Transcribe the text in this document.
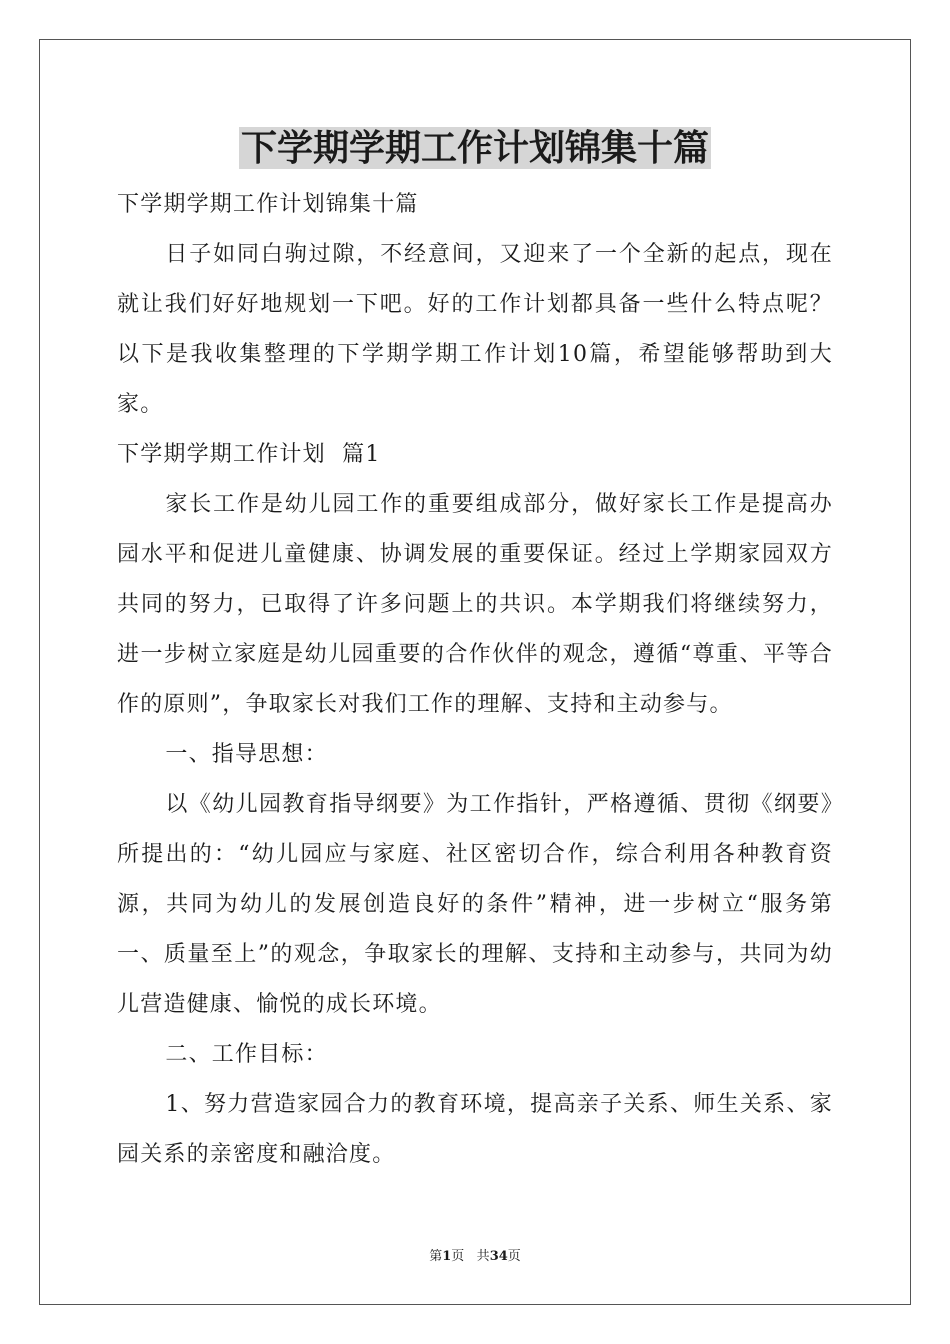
下学期学期工作计划锦集十篇

下学期学期工作计划锦集十篇

日子如同白驹过隙，不经意间，又迎来了一个全新的起点，现在就让我们好好地规划一下吧。好的工作计划都具备一些什么特点呢？以下是我收集整理的下学期学期工作计划10篇，希望能够帮助到大家。

下学期学期工作计划  篇1

家长工作是幼儿园工作的重要组成部分，做好家长工作是提高办园水平和促进儿童健康、协调发展的重要保证。经过上学期家园双方共同的努力，已取得了许多问题上的共识。本学期我们将继续努力，进一步树立家庭是幼儿园重要的合作伙伴的观念，遵循“尊重、平等合作的原则”，争取家长对我们工作的理解、支持和主动参与。

一、指导思想：

以《幼儿园教育指导纲要》为工作指针，严格遵循、贯彻《纲要》所提出的：“幼儿园应与家庭、社区密切合作，综合利用各种教育资源，共同为幼儿的发展创造良好的条件”精神，进一步树立“服务第一、质量至上”的观念，争取家长的理解、支持和主动参与，共同为幼儿营造健康、愉悦的成长环境。

二、工作目标：

1、努力营造家园合力的教育环境，提高亲子关系、师生关系、家园关系的亲密度和融洽度。

第1页 共34页
